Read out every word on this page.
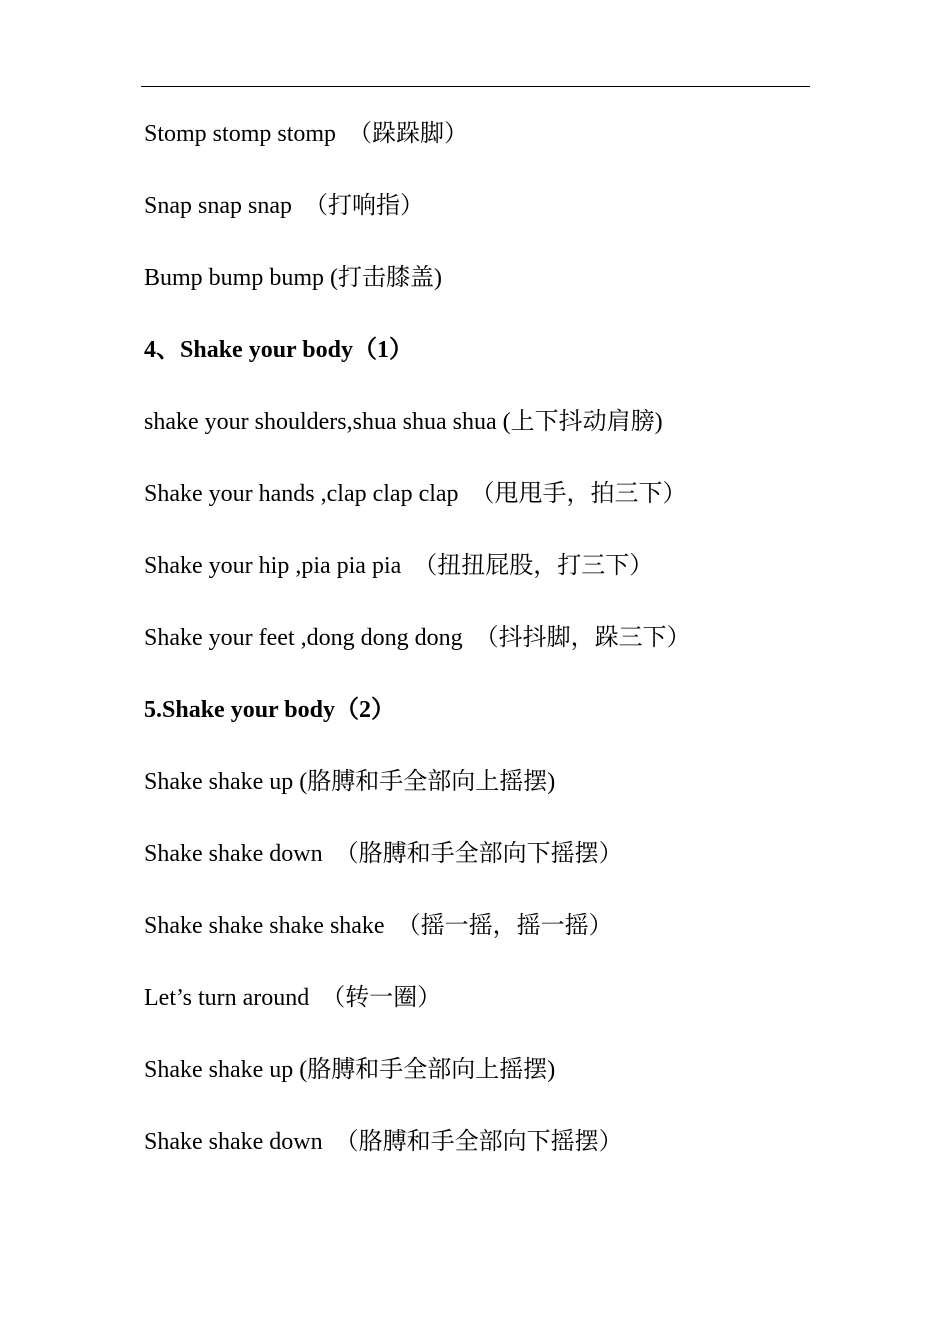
Stomp stomp stomp  （跺跺脚）
Snap snap snap  （打响指）
Bump bump bump (打击膝盖)
4、Shake your body（1）
shake your shoulders,shua shua shua (上下抖动肩膀)
Shake your hands ,clap clap clap  （甩甩手，拍三下）
Shake your hip ,pia pia pia  （扭扭屁股，打三下）
Shake your feet ,dong dong dong  （抖抖脚，跺三下）
5.Shake your body（2）
Shake shake up (胳膊和手全部向上摇摆)
Shake shake down  （胳膊和手全部向下摇摆）
Shake shake shake shake  （摇一摇，摇一摇）
Let’s turn around  （转一圈）
Shake shake up (胳膊和手全部向上摇摆)
Shake shake down  （胳膊和手全部向下摇摆）
